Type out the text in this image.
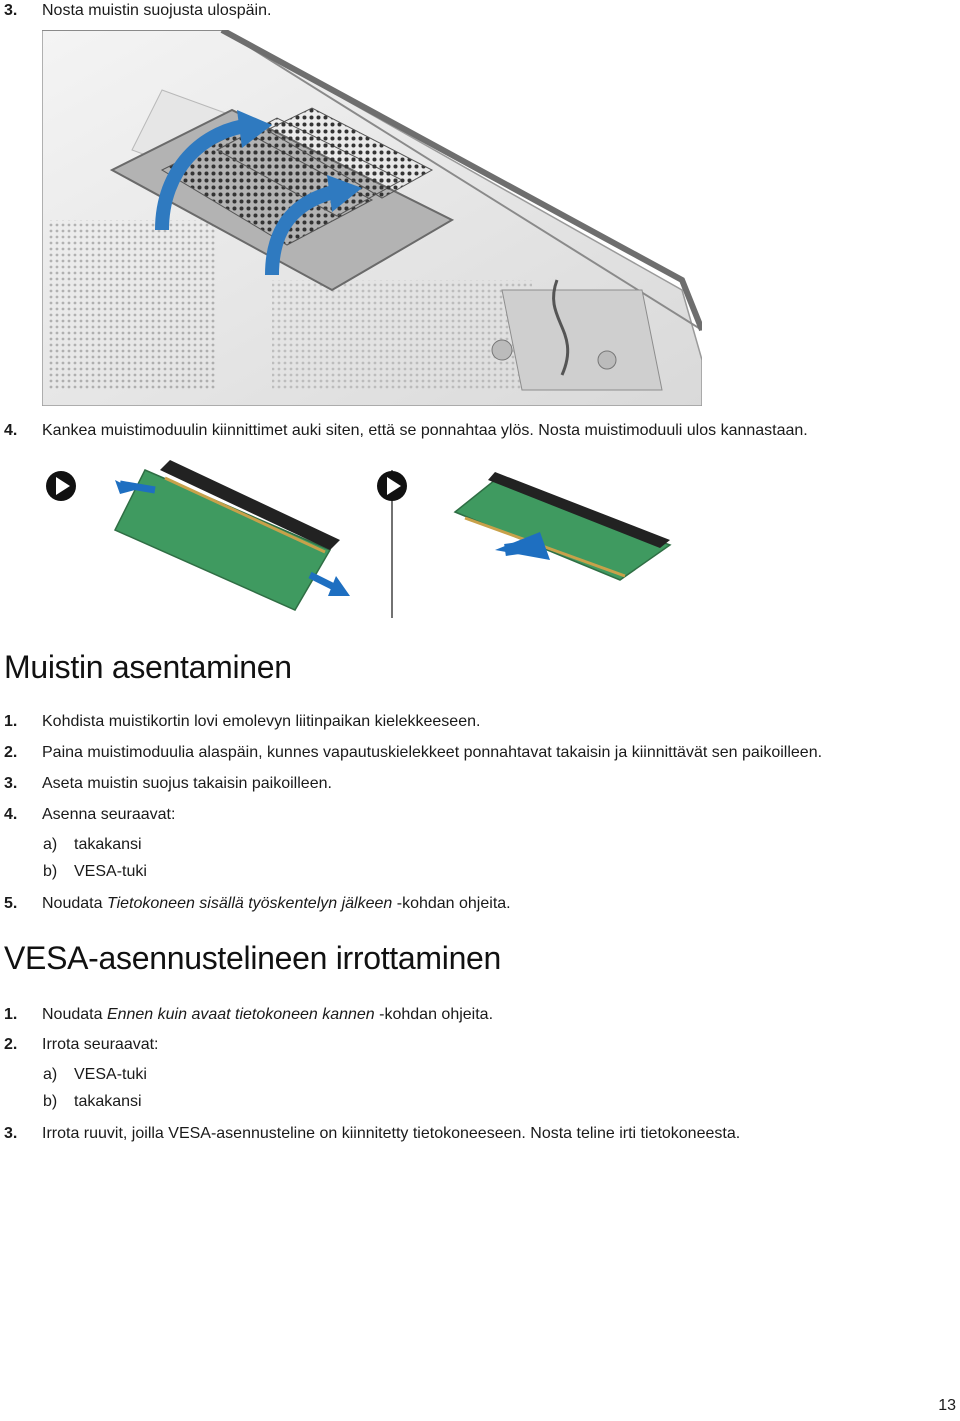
3. Nosta muistin suojusta ulospäin.
4. Kankea muistimoduulin kiinnittimet auki siten, että se ponnahtaa ylös. Nosta muistimoduuli ulos kannastaan.
Muistin asentaminen
1. Kohdista muistikortin lovi emolevyn liitinpaikan kielekkeeseen.
2. Paina muistimoduulia alaspäin, kunnes vapautuskielekkeet ponnahtavat takaisin ja kiinnittävät sen paikoilleen.
3. Aseta muistin suojus takaisin paikoilleen.
4. Asenna seuraavat:
a) takakansi
b) VESA-tuki
5. Noudata Tietokoneen sisällä työskentelyn jälkeen -kohdan ohjeita.
VESA-asennustelineen irrottaminen
1. Noudata Ennen kuin avaat tietokoneen kannen -kohdan ohjeita.
2. Irrota seuraavat:
a) VESA-tuki
b) takakansi
3. Irrota ruuvit, joilla VESA-asennusteline on kiinnitetty tietokoneeseen. Nosta teline irti tietokoneesta.
13
